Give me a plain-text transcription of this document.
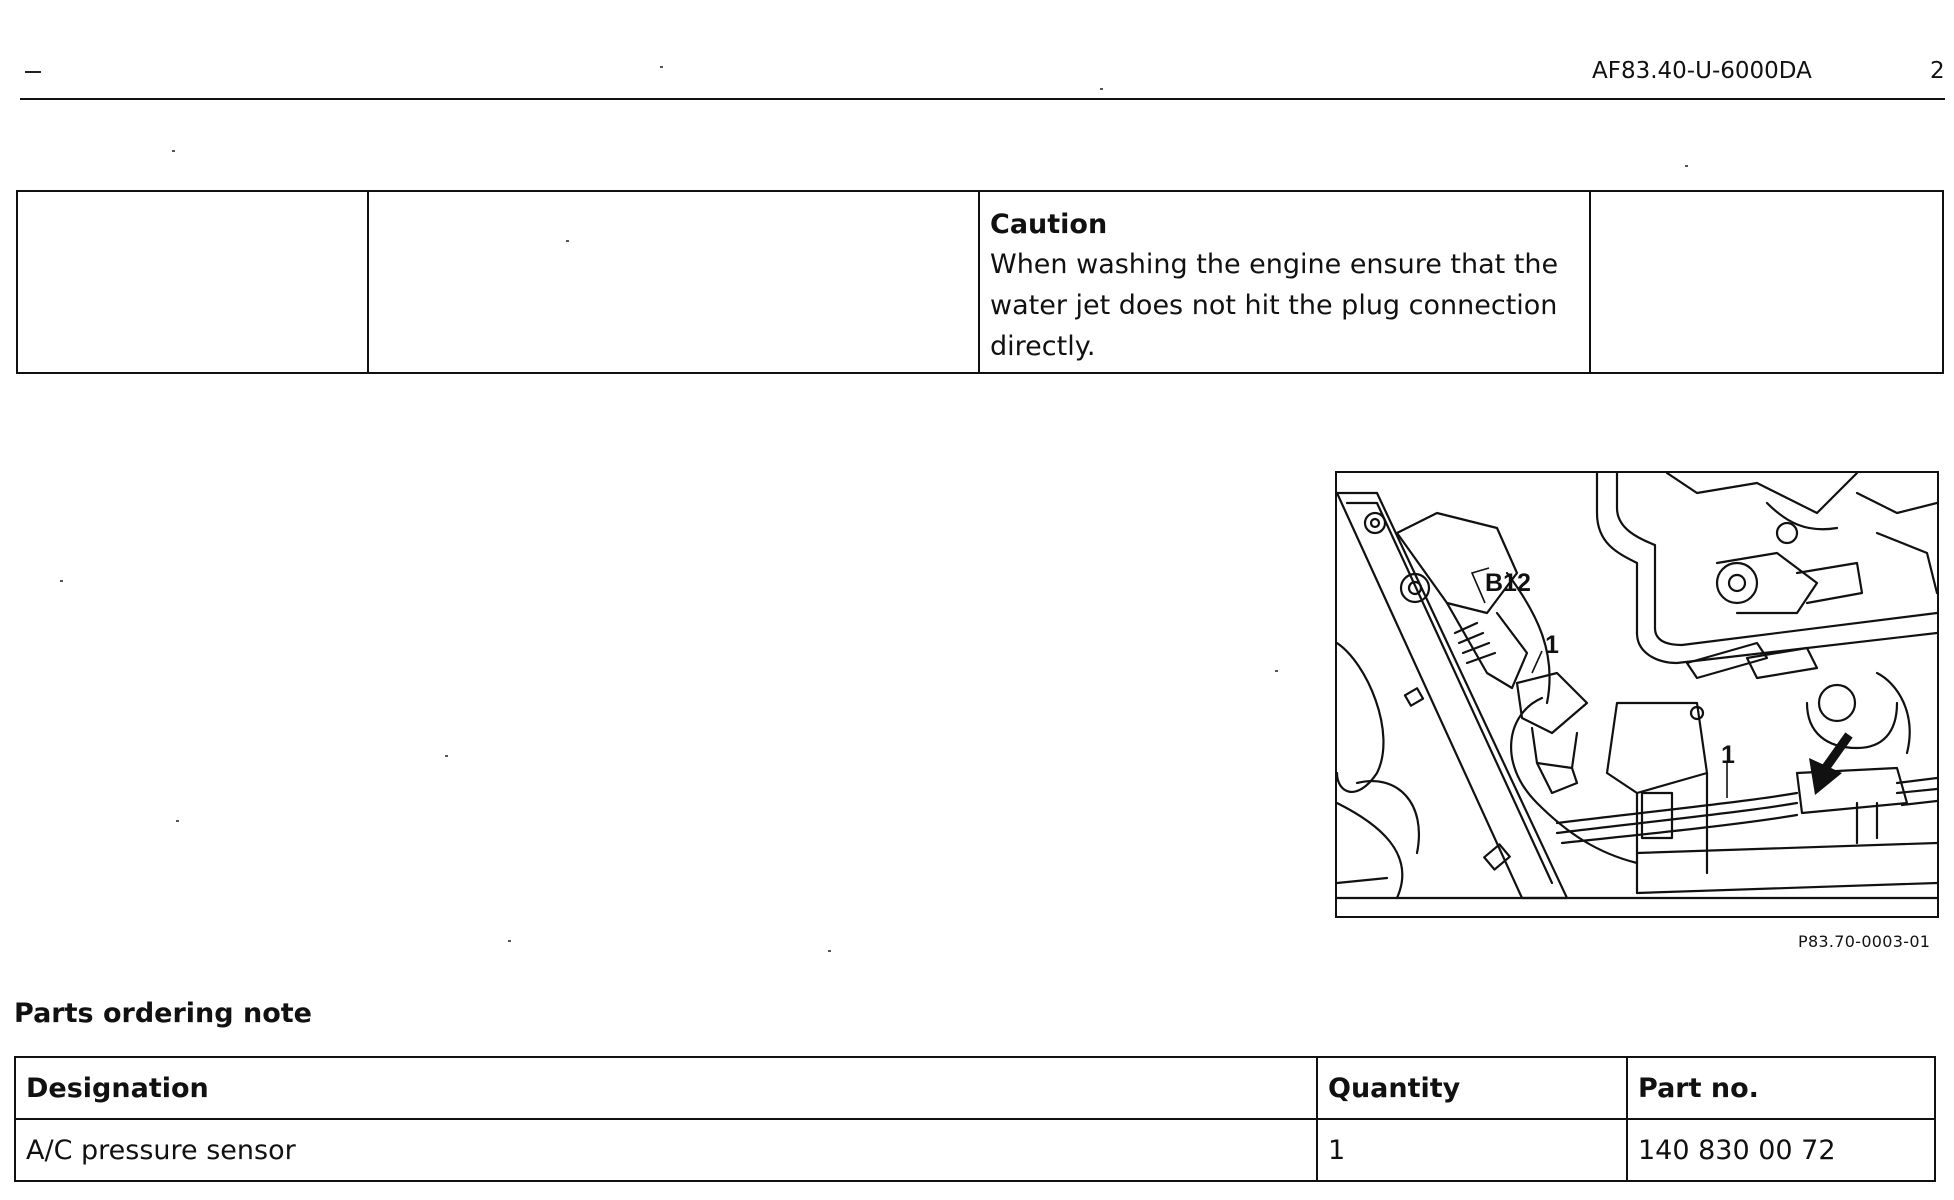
AF83.40-U-6000DA	2

Caution
When washing the engine ensure that the water jet does not hit the plug connection directly.

B12
1
1
P83.70-0003-01
Parts ordering note
Designation	Quantity	Part no.
A/C pressure sensor	1	140 830 00 72
